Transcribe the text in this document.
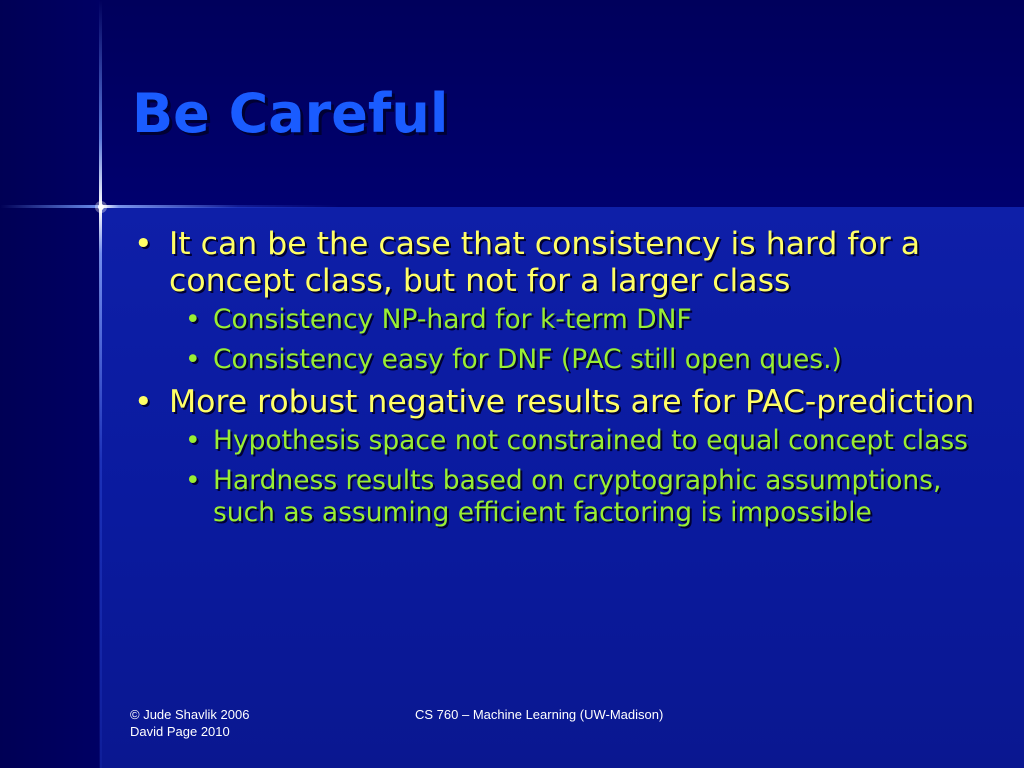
Be Careful
• It can be the case that consistency is hard for a concept class, but not for a larger class
• Consistency NP-hard for k-term DNF
• Consistency easy for DNF (PAC still open ques.)
• More robust negative results are for PAC-prediction
• Hypothesis space not constrained to equal concept class
• Hardness results based on cryptographic assumptions, such as assuming efficient factoring is impossible
© Jude Shavlik 2006
David Page 2010
CS 760 – Machine Learning (UW-Madison)
